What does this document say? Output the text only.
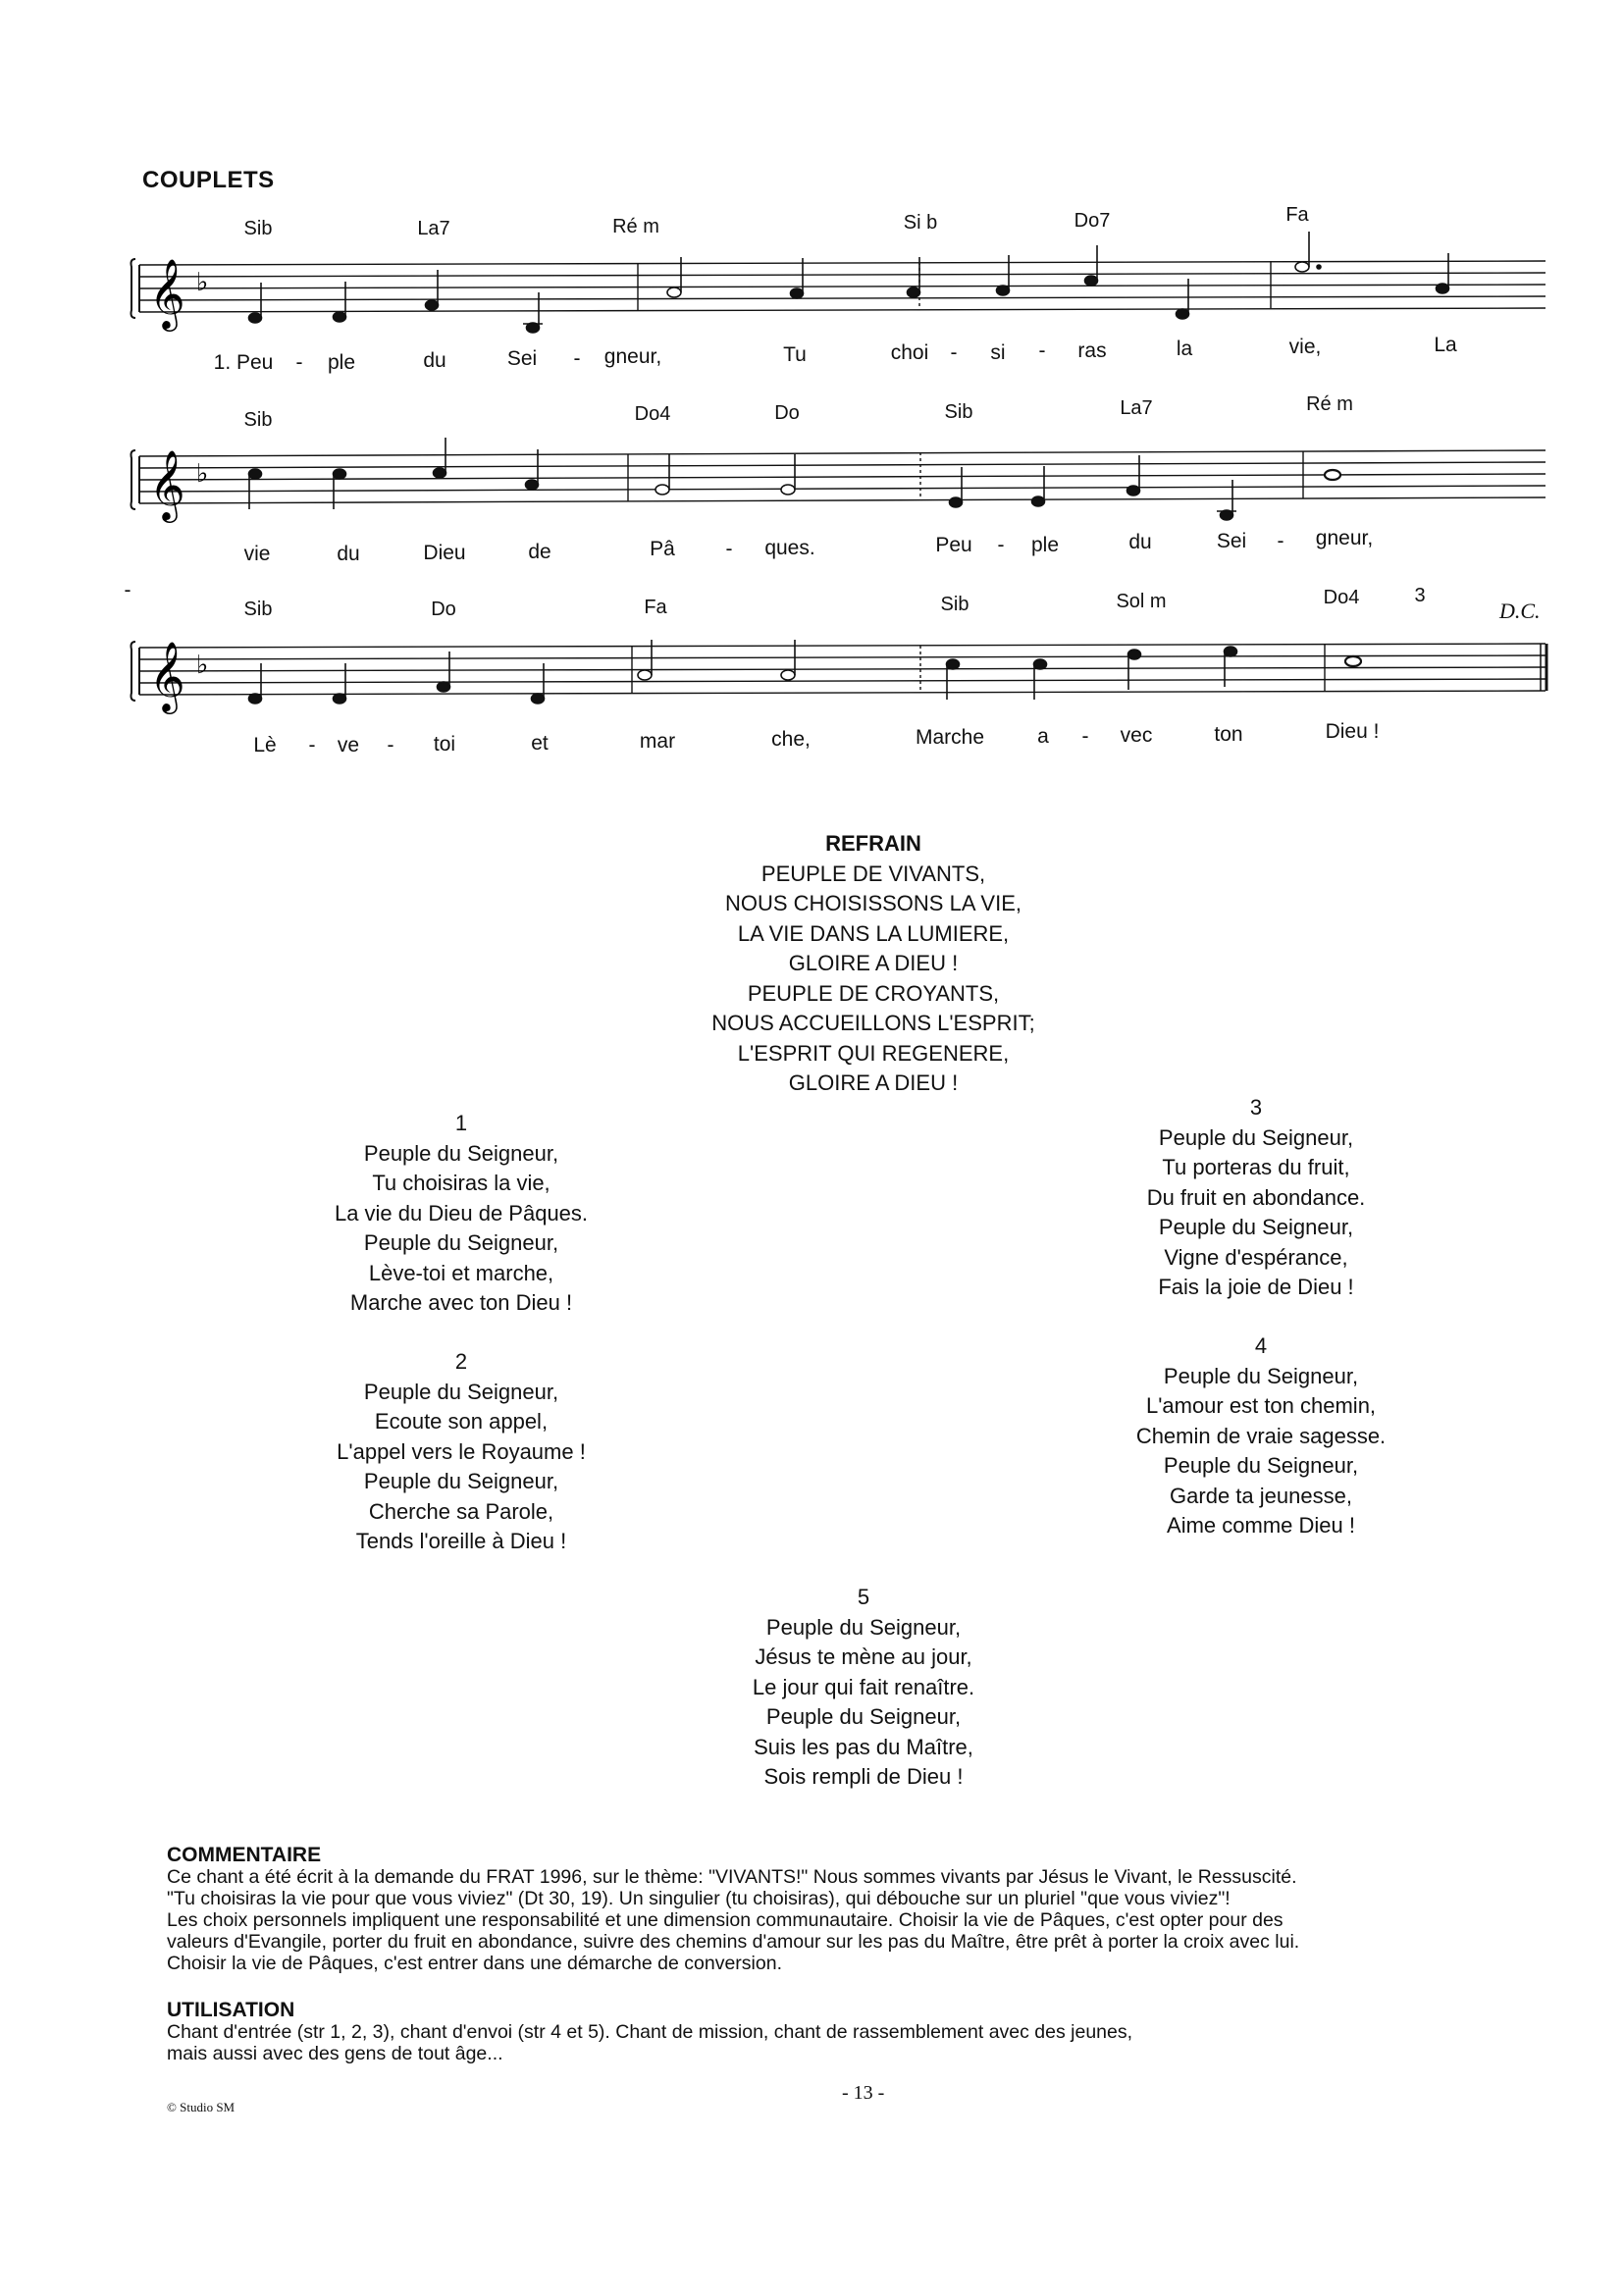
COUPLETS
Sib	La7	Ré m	Si b	Do7	Fa
𝄞 ♭
1. Peu - ple	du	Sei - gneur,	Tu	choi - si - ras	la	vie,	La
Sib	Do4	Do	Sib	La7	Ré m
𝄞 ♭
vie	du	Dieu	de	Pâ - ques.	Peu - ple	du	Sei - gneur,
Sib	Do	Fa	Sib	Sol m	Do4	3
D.C.
𝄞 ♭
Lè - ve - toi	et	mar
-
che,	Marche	a - vec	ton	Dieu !
REFRAIN
PEUPLE DE VIVANTS,
NOUS CHOISISSONS LA VIE,
LA VIE DANS LA LUMIERE,
GLOIRE A DIEU !
PEUPLE DE CROYANTS,
NOUS ACCUEILLONS L'ESPRIT;
L'ESPRIT QUI REGENERE,
GLOIRE A DIEU !
1
Peuple du Seigneur,
Tu choisiras la vie,
La vie du Dieu de Pâques.
Peuple du Seigneur,
Lève-toi et marche,
Marche avec ton Dieu !
2
Peuple du Seigneur,
Ecoute son appel,
L'appel vers le Royaume !
Peuple du Seigneur,
Cherche sa Parole,
Tends l'oreille à Dieu !
3
Peuple du Seigneur,
Tu porteras du fruit,
Du fruit en abondance.
Peuple du Seigneur,
Vigne d'espérance,
Fais la joie de Dieu !
4
Peuple du Seigneur,
L'amour est ton chemin,
Chemin de vraie sagesse.
Peuple du Seigneur,
Garde ta jeunesse,
Aime comme Dieu !
5
Peuple du Seigneur,
Jésus te mène au jour,
Le jour qui fait renaître.
Peuple du Seigneur,
Suis les pas du Maître,
Sois rempli de Dieu !
COMMENTAIRE
Ce chant a été écrit à la demande du FRAT 1996, sur le thème: "VIVANTS!" Nous sommes vivants par Jésus le Vivant, le Ressuscité.
"Tu choisiras la vie pour que vous viviez" (Dt 30, 19). Un singulier (tu choisiras), qui débouche sur un pluriel "que vous viviez"!
Les choix personnels impliquent une responsabilité et une dimension communautaire. Choisir la vie de Pâques, c'est opter pour des
valeurs d'Evangile, porter du fruit en abondance, suivre des chemins d'amour sur les pas du Maître, être prêt à porter la croix avec lui.
Choisir la vie de Pâques, c'est entrer dans une démarche de conversion.
UTILISATION
Chant d'entrée (str 1, 2, 3), chant d'envoi (str 4 et 5). Chant de mission, chant de rassemblement avec des jeunes,
mais aussi avec des gens de tout âge...
- 13 -
© Studio SM
